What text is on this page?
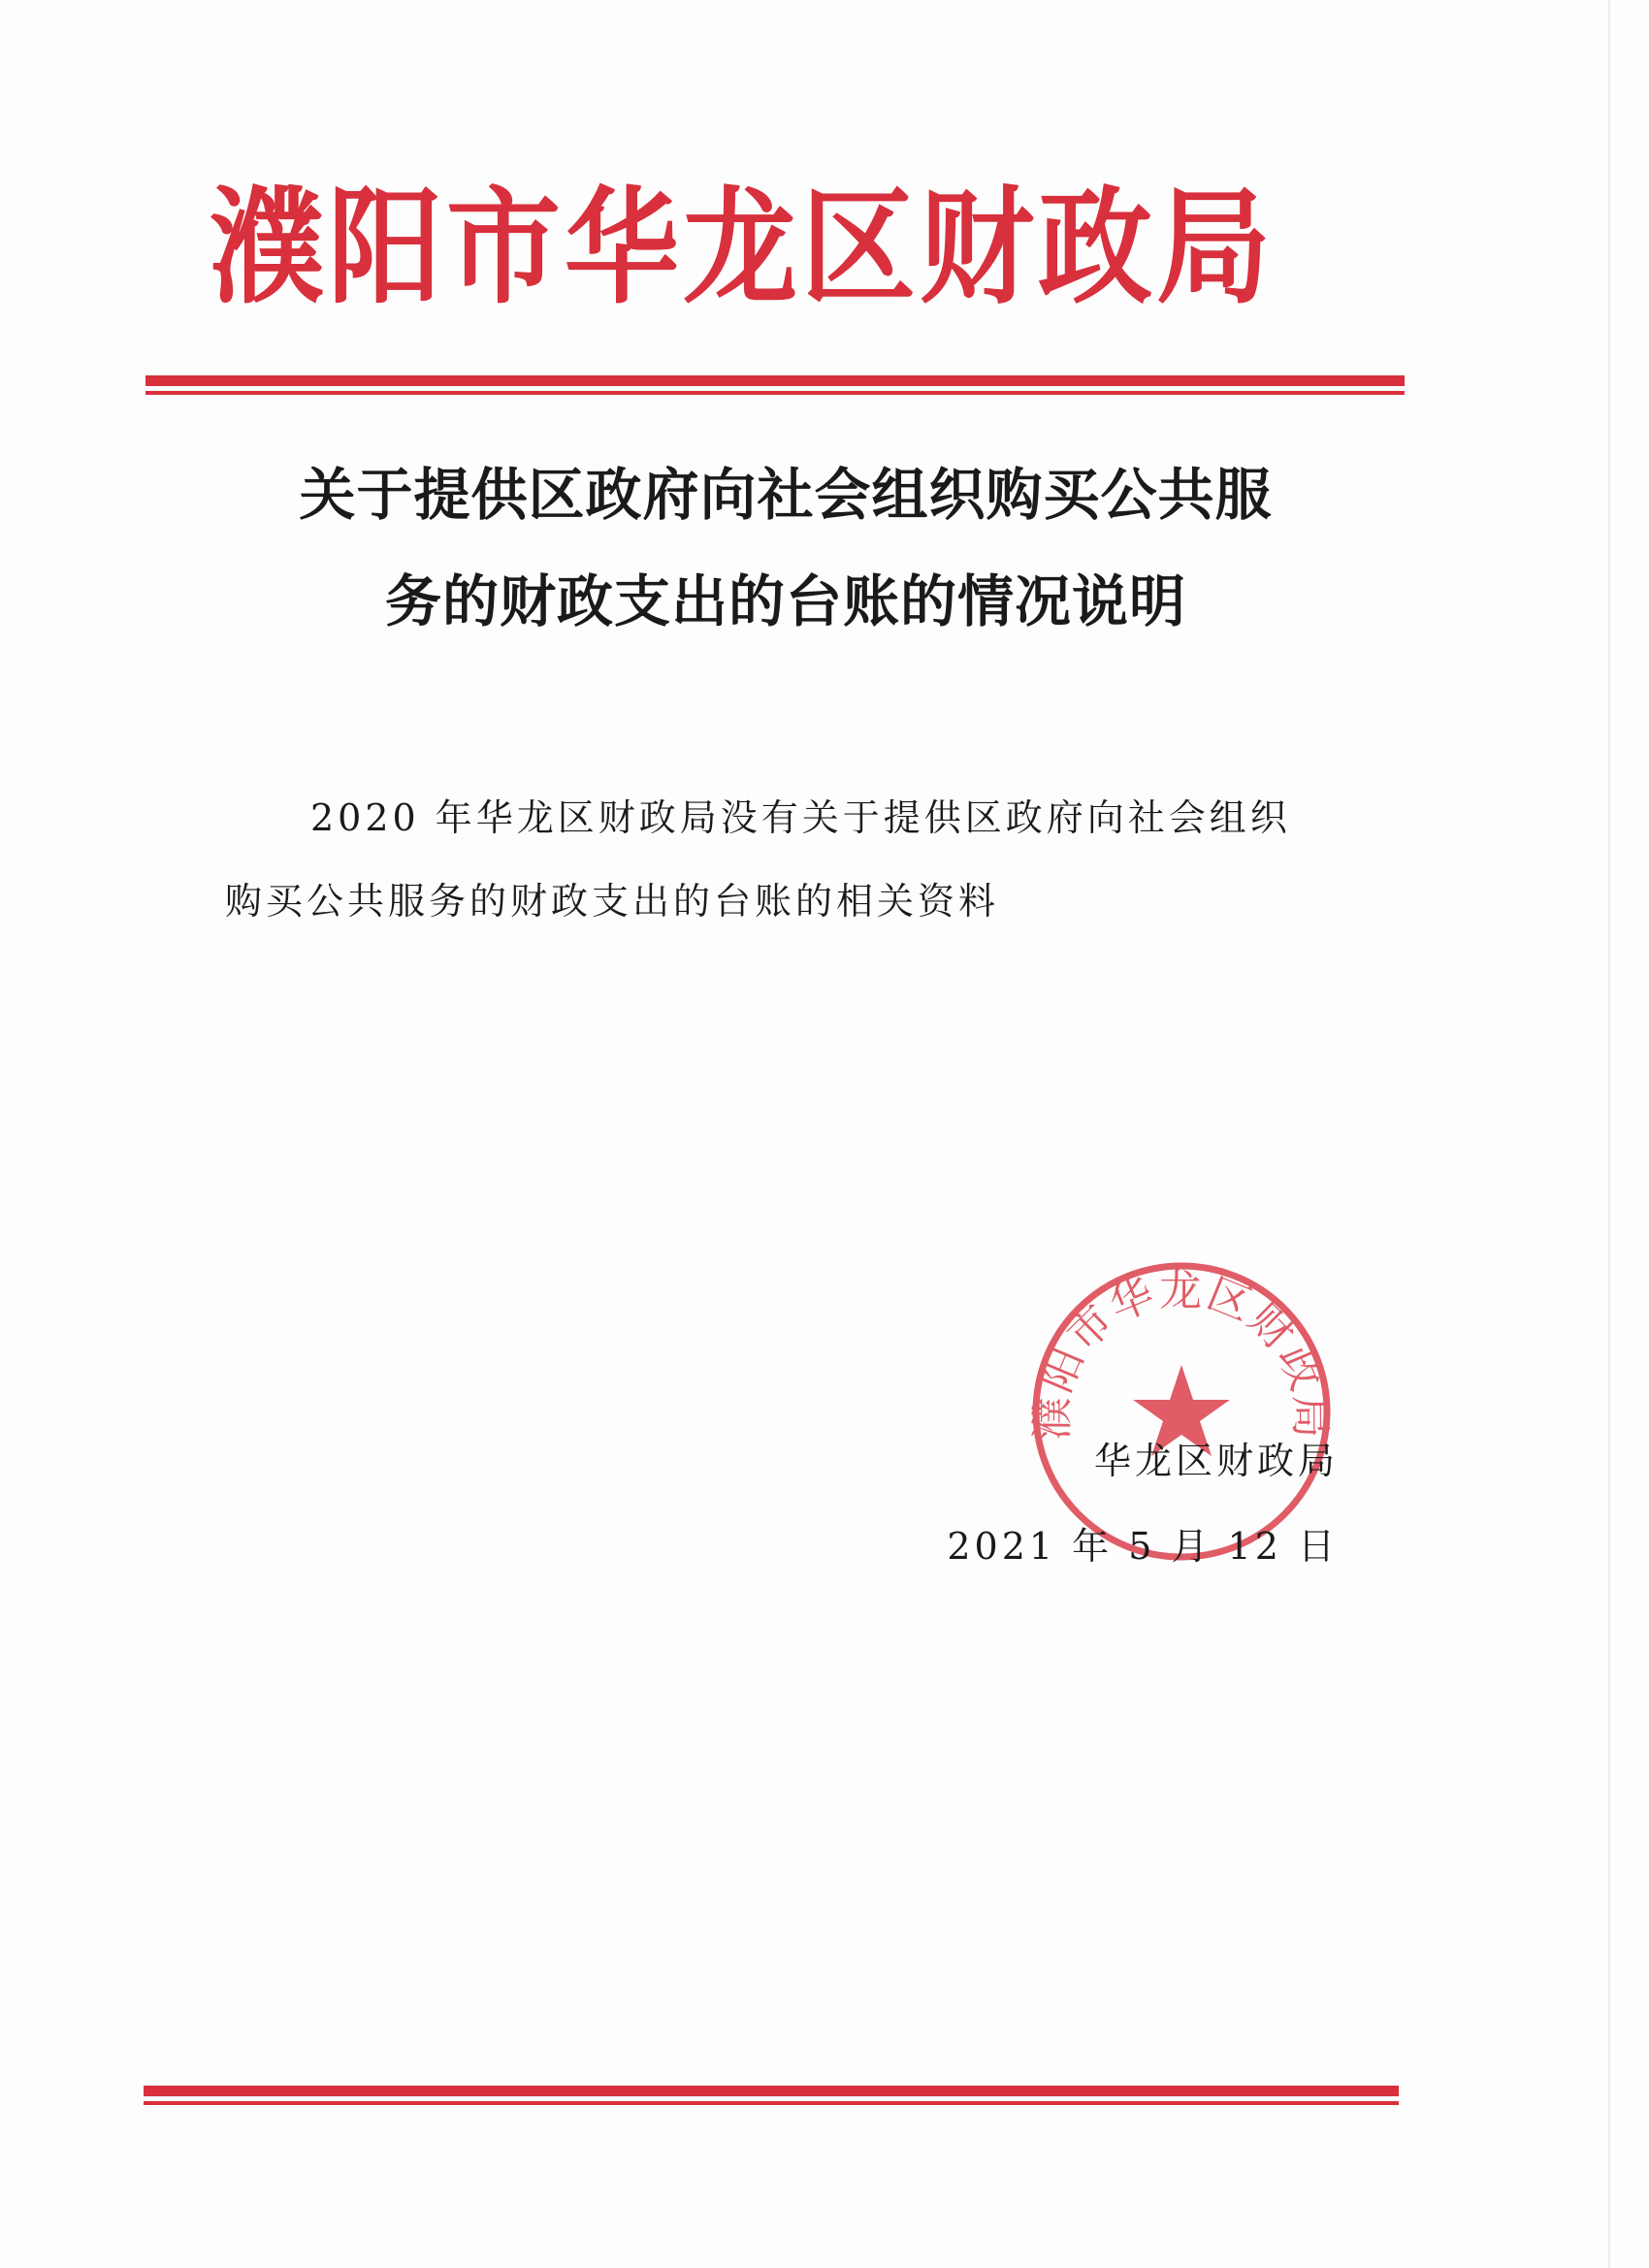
濮阳市华龙区财政局
关于提供区政府向社会组织购买公共服
务的财政支出的台账的情况说明
2020 年华龙区财政局没有关于提供区政府向社会组织
购买公共服务的财政支出的台账的相关资料
濮阳市华龙区财政局
华龙区财政局
2021 年 5 月 12 日
